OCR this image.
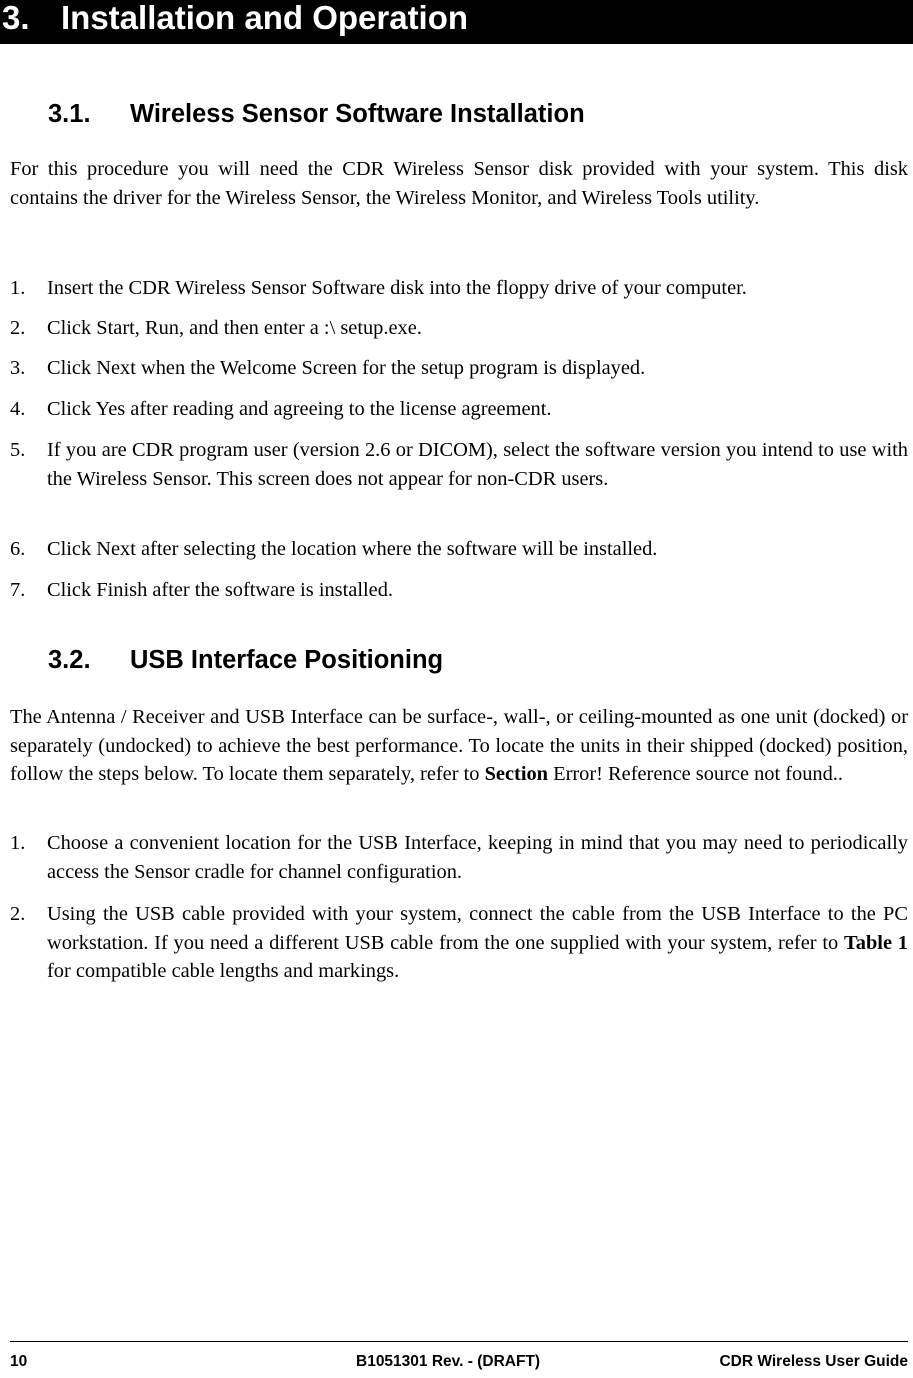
3. Installation and Operation
3.1. Wireless Sensor Software Installation

For this procedure you will need the CDR Wireless Sensor disk provided with your system. This disk contains the driver for the Wireless Sensor, the Wireless Monitor, and Wireless Tools utility.

1. Insert the CDR Wireless Sensor Software disk into the floppy drive of your computer.
2. Click Start, Run, and then enter a :\ setup.exe.
3. Click Next when the Welcome Screen for the setup program is displayed.
4. Click Yes after reading and agreeing to the license agreement.
5. If you are CDR program user (version 2.6 or DICOM), select the software version you intend to use with the Wireless Sensor. This screen does not appear for non-CDR users.
6. Click Next after selecting the location where the software will be installed.
7. Click Finish after the software is installed.
3.2. USB Interface Positioning

The Antenna / Receiver and USB Interface can be surface-, wall-, or ceiling-mounted as one unit (docked) or separately (undocked) to achieve the best performance. To locate the units in their shipped (docked) position, follow the steps below. To locate them separately, refer to Section Error! Reference source not found..

1. Choose a convenient location for the USB Interface, keeping in mind that you may need to periodically access the Sensor cradle for channel configuration.
2. Using the USB cable provided with your system, connect the cable from the USB Interface to the PC workstation. If you need a different USB cable from the one supplied with your system, refer to Table 1 for compatible cable lengths and markings.
10	B1051301 Rev. - (DRAFT)	CDR Wireless User Guide
